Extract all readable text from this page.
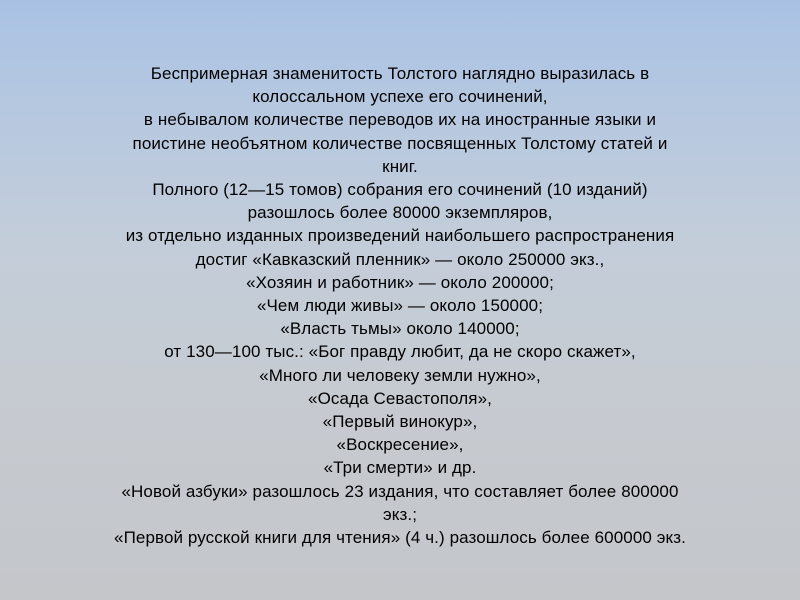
Беспримерная знаменитость Толстого наглядно выразилась в
колоссальном успехе его сочинений,
в небывалом количестве переводов их на иностранные языки и
поистине необъятном количестве посвященных Толстому статей и
книг.
Полного (12—15 томов) собрания его сочинений (10 изданий)
разошлось более 80000 экземпляров,
из отдельно изданных произведений наибольшего распространения
достиг «Кавказский пленник» — около 250000 экз.,
«Хозяин и работник» — около 200000;
«Чем люди живы» — около 150000;
«Власть тьмы» около 140000;
от 130—100 тыс.: «Бог правду любит, да не скоро скажет»,
«Много ли человеку земли нужно»,
«Осада Севастополя»,
«Первый винокур»,
«Воскресение»,
«Три смерти» и др.
«Новой азбуки» разошлось 23 издания, что составляет более 800000
экз.;
«Первой русской книги для чтения» (4 ч.) разошлось более 600000 экз.
